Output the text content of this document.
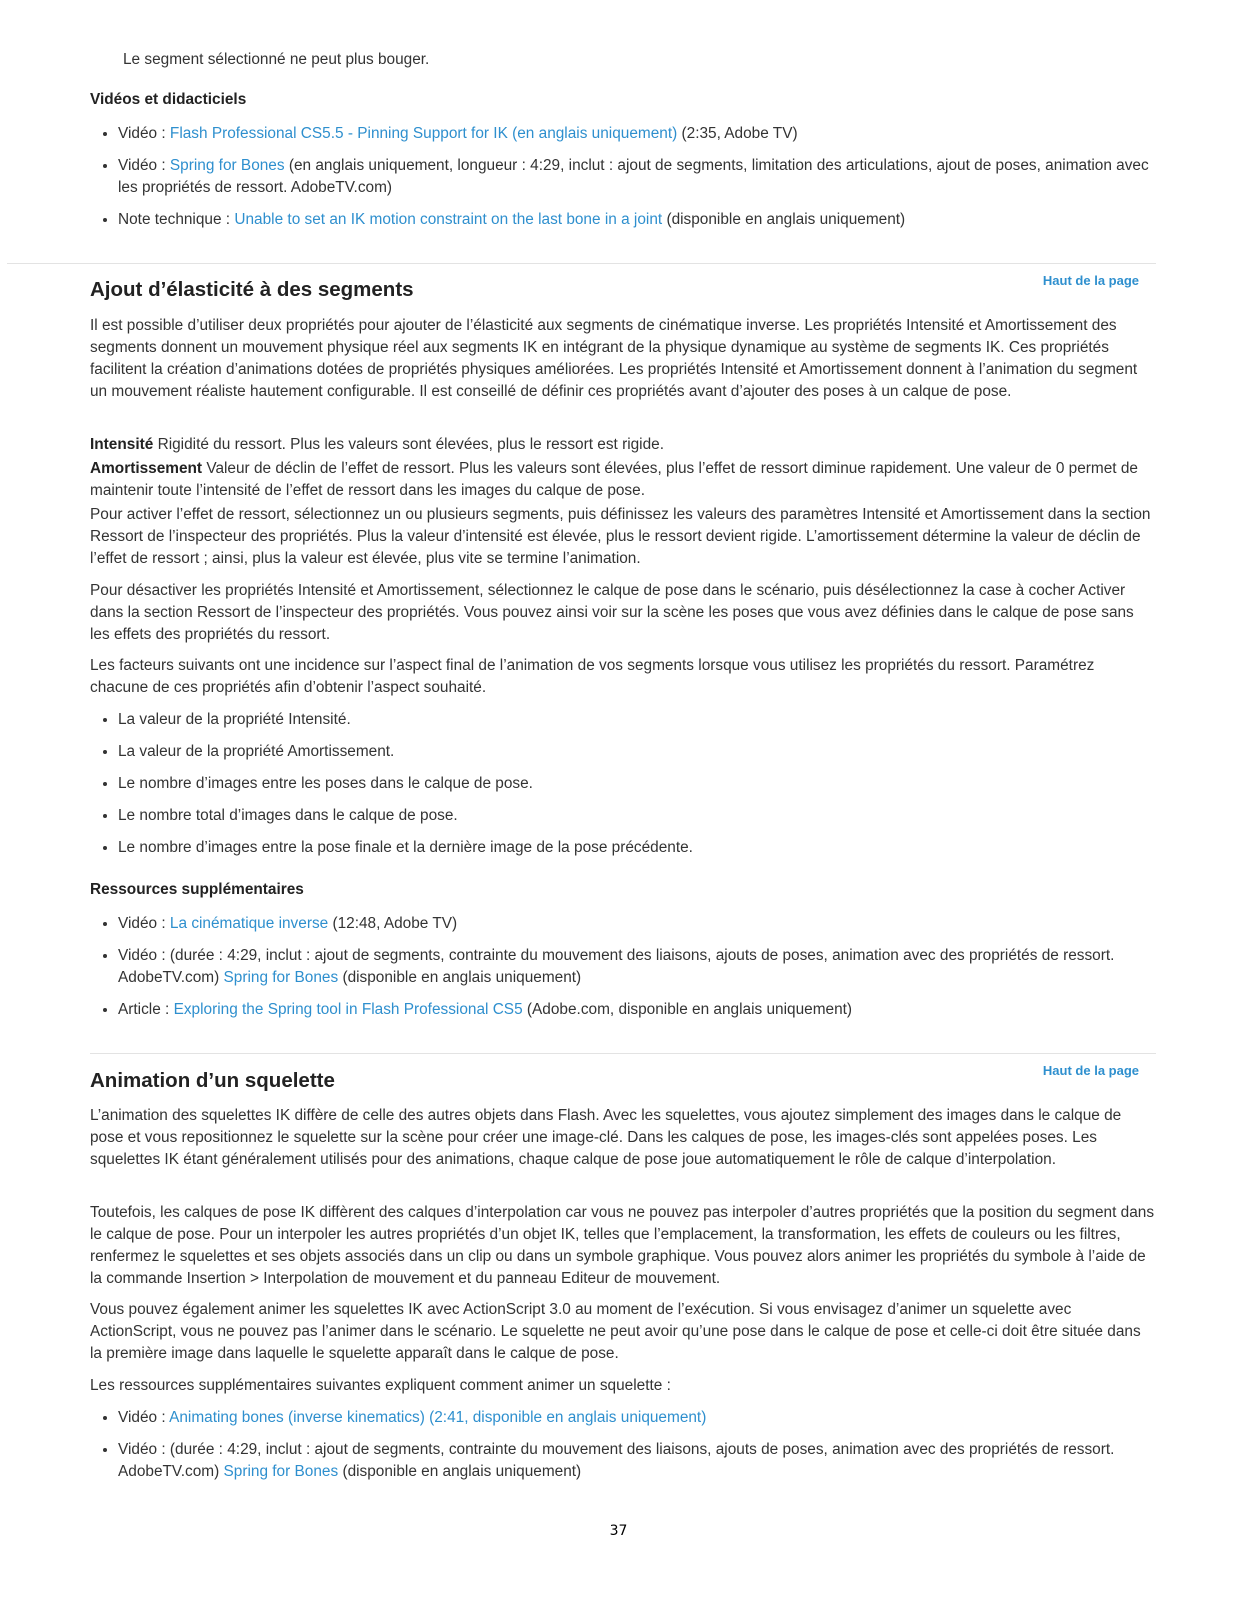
Le segment sélectionné ne peut plus bouger.

Vidéos et didacticiels
• Vidéo : Flash Professional CS5.5 - Pinning Support for IK (en anglais uniquement) (2:35, Adobe TV)
• Vidéo : Spring for Bones (en anglais uniquement, longueur : 4:29, inclut : ajout de segments, limitation des articulations, ajout de poses, animation avec les propriétés de ressort. AdobeTV.com)
• Note technique : Unable to set an IK motion constraint on the last bone in a joint (disponible en anglais uniquement)
Haut de la page
Ajout d’élasticité à des segments

Il est possible d’utiliser deux propriétés pour ajouter de l’élasticité aux segments de cinématique inverse. Les propriétés Intensité et Amortissement des segments donnent un mouvement physique réel aux segments IK en intégrant de la physique dynamique au système de segments IK. Ces propriétés facilitent la création d’animations dotées de propriétés physiques améliorées. Les propriétés Intensité et Amortissement donnent à l’animation du segment un mouvement réaliste hautement configurable. Il est conseillé de définir ces propriétés avant d’ajouter des poses à un calque de pose.

Intensité Rigidité du ressort. Plus les valeurs sont élevées, plus le ressort est rigide.

Amortissement Valeur de déclin de l’effet de ressort. Plus les valeurs sont élevées, plus l’effet de ressort diminue rapidement. Une valeur de 0 permet de maintenir toute l’intensité de l’effet de ressort dans les images du calque de pose.

Pour activer l’effet de ressort, sélectionnez un ou plusieurs segments, puis définissez les valeurs des paramètres Intensité et Amortissement dans la section Ressort de l’inspecteur des propriétés. Plus la valeur d’intensité est élevée, plus le ressort devient rigide. L’amortissement détermine la valeur de déclin de l’effet de ressort ; ainsi, plus la valeur est élevée, plus vite se termine l’animation.

Pour désactiver les propriétés Intensité et Amortissement, sélectionnez le calque de pose dans le scénario, puis désélectionnez la case à cocher Activer dans la section Ressort de l’inspecteur des propriétés. Vous pouvez ainsi voir sur la scène les poses que vous avez définies dans le calque de pose sans les effets des propriétés du ressort.

Les facteurs suivants ont une incidence sur l’aspect final de l’animation de vos segments lorsque vous utilisez les propriétés du ressort. Paramétrez chacune de ces propriétés afin d’obtenir l’aspect souhaité.

• La valeur de la propriété Intensité.
• La valeur de la propriété Amortissement.
• Le nombre d’images entre les poses dans le calque de pose.
• Le nombre total d’images dans le calque de pose.
• Le nombre d’images entre la pose finale et la dernière image de la pose précédente.
Ressources supplémentaires
• Vidéo : La cinématique inverse (12:48, Adobe TV)
• Vidéo : (durée : 4:29, inclut : ajout de segments, contrainte du mouvement des liaisons, ajouts de poses, animation avec des propriétés de ressort. AdobeTV.com) Spring for Bones (disponible en anglais uniquement)
• Article : Exploring the Spring tool in Flash Professional CS5 (Adobe.com, disponible en anglais uniquement)
Haut de la page
Animation d’un squelette

L’animation des squelettes IK diffère de celle des autres objets dans Flash. Avec les squelettes, vous ajoutez simplement des images dans le calque de pose et vous repositionnez le squelette sur la scène pour créer une image-clé. Dans les calques de pose, les images-clés sont appelées poses. Les squelettes IK étant généralement utilisés pour des animations, chaque calque de pose joue automatiquement le rôle de calque d’interpolation.

Toutefois, les calques de pose IK diffèrent des calques d’interpolation car vous ne pouvez pas interpoler d’autres propriétés que la position du segment dans le calque de pose. Pour un interpoler les autres propriétés d’un objet IK, telles que l’emplacement, la transformation, les effets de couleurs ou les filtres, renfermez le squelettes et ses objets associés dans un clip ou dans un symbole graphique. Vous pouvez alors animer les propriétés du symbole à l’aide de la commande Insertion > Interpolation de mouvement et du panneau Editeur de mouvement.

Vous pouvez également animer les squelettes IK avec ActionScript 3.0 au moment de l’exécution. Si vous envisagez d’animer un squelette avec ActionScript, vous ne pouvez pas l’animer dans le scénario. Le squelette ne peut avoir qu’une pose dans le calque de pose et celle-ci doit être située dans la première image dans laquelle le squelette apparaît dans le calque de pose.

Les ressources supplémentaires suivantes expliquent comment animer un squelette :

• Vidéo : Animating bones (inverse kinematics) (2:41, disponible en anglais uniquement)
• Vidéo : (durée : 4:29, inclut : ajout de segments, contrainte du mouvement des liaisons, ajouts de poses, animation avec des propriétés de ressort. AdobeTV.com) Spring for Bones (disponible en anglais uniquement)
37
